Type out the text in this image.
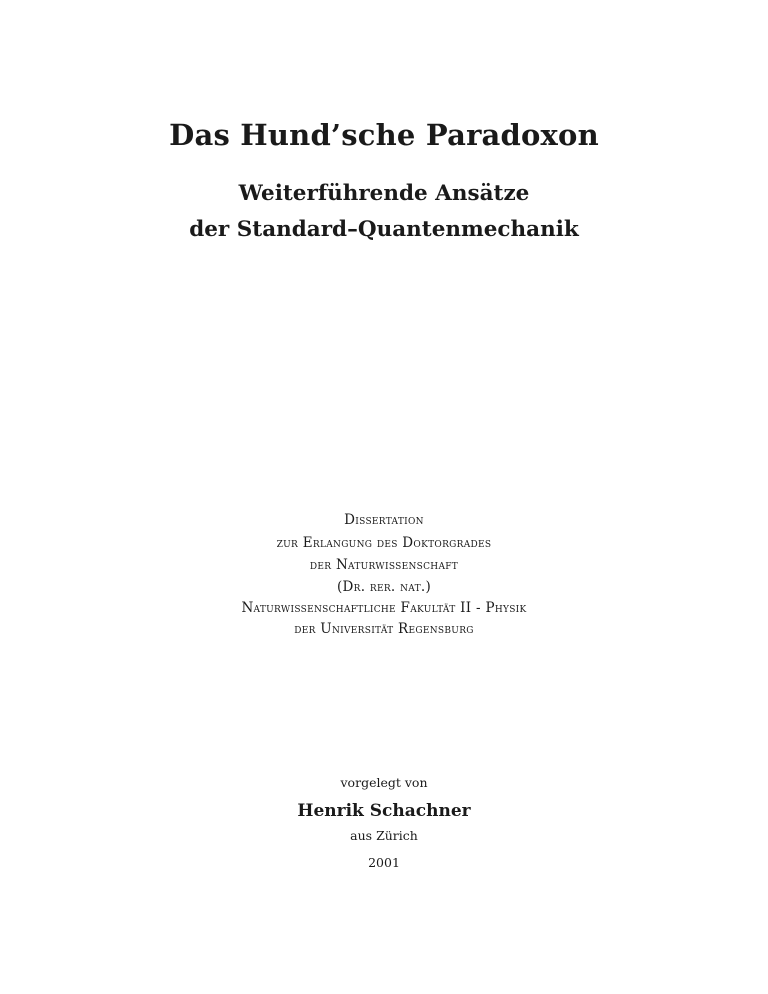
Das Hund’sche Paradoxon
Weiterführende Ansätze
der Standard–Quantenmechanik
Dissertation
zur Erlangung des Doktorgrades
der Naturwissenschaft
(Dr. rer. nat.)
Naturwissenschaftliche Fakultät II - Physik
der Universität Regensburg
vorgelegt von
Henrik Schachner
aus Zürich
2001
